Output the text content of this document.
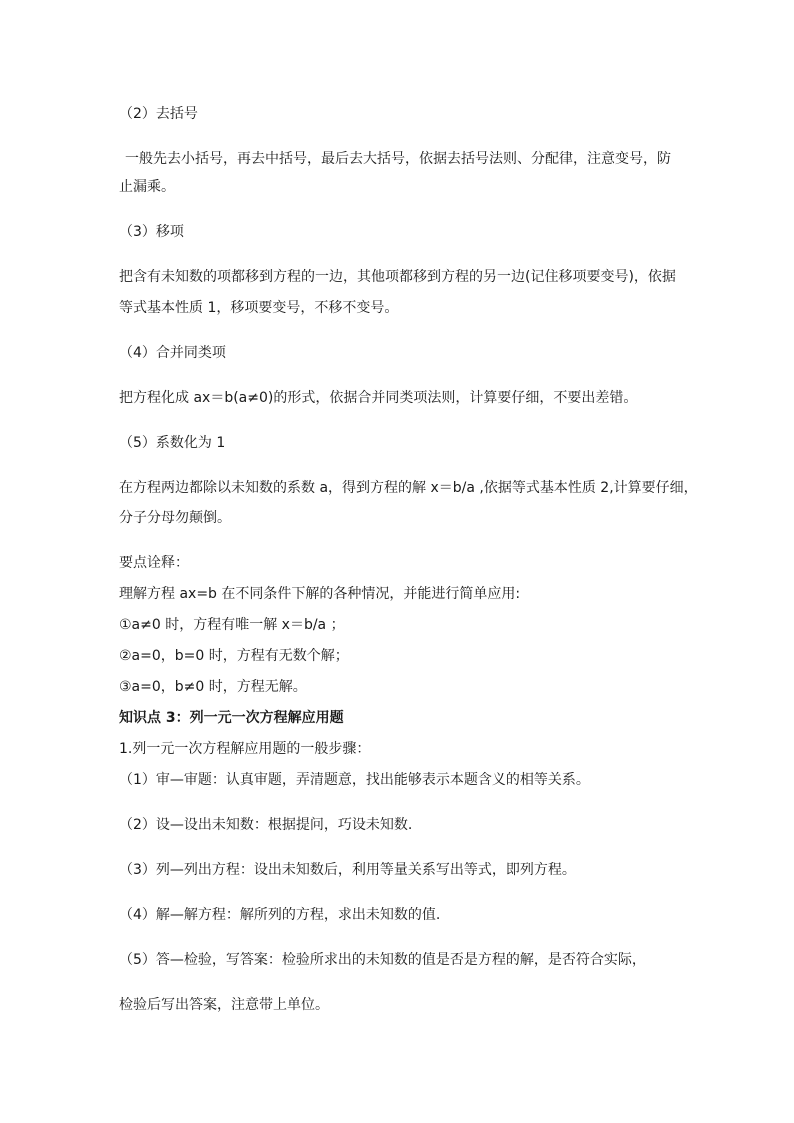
（2）去括号
一般先去小括号，再去中括号，最后去大括号，依据去括号法则、分配律，注意变号，防
止漏乘。
（3）移项
把含有未知数的项都移到方程的一边，其他项都移到方程的另一边(记住移项要变号)，依据
等式基本性质 1，移项要变号，不移不变号。
（4）合并同类项
把方程化成 ax＝b(a≠0)的形式，依据合并同类项法则，计算要仔细，不要出差错。
（5）系数化为 1
在方程两边都除以未知数的系数 a，得到方程的解 x＝b/a ,依据等式基本性质 2,计算要仔细，
分子分母勿颠倒。
要点诠释：
理解方程 ax=b 在不同条件下解的各种情况，并能进行简单应用:
①a≠0 时，方程有唯一解 x＝b/a ；
②a=0，b=0 时，方程有无数个解；
③a=0，b≠0 时，方程无解。
知识点 3：列一元一次方程解应用题
1.列一元一次方程解应用题的一般步骤：
（1）审—审题：认真审题，弄清题意，找出能够表示本题含义的相等关系。
（2）设—设出未知数：根据提问，巧设未知数.
（3）列—列出方程：设出未知数后，利用等量关系写出等式，即列方程。
（4）解—解方程：解所列的方程，求出未知数的值.
（5）答—检验，写答案：检验所求出的未知数的值是否是方程的解，是否符合实际，
检验后写出答案，注意带上单位。
